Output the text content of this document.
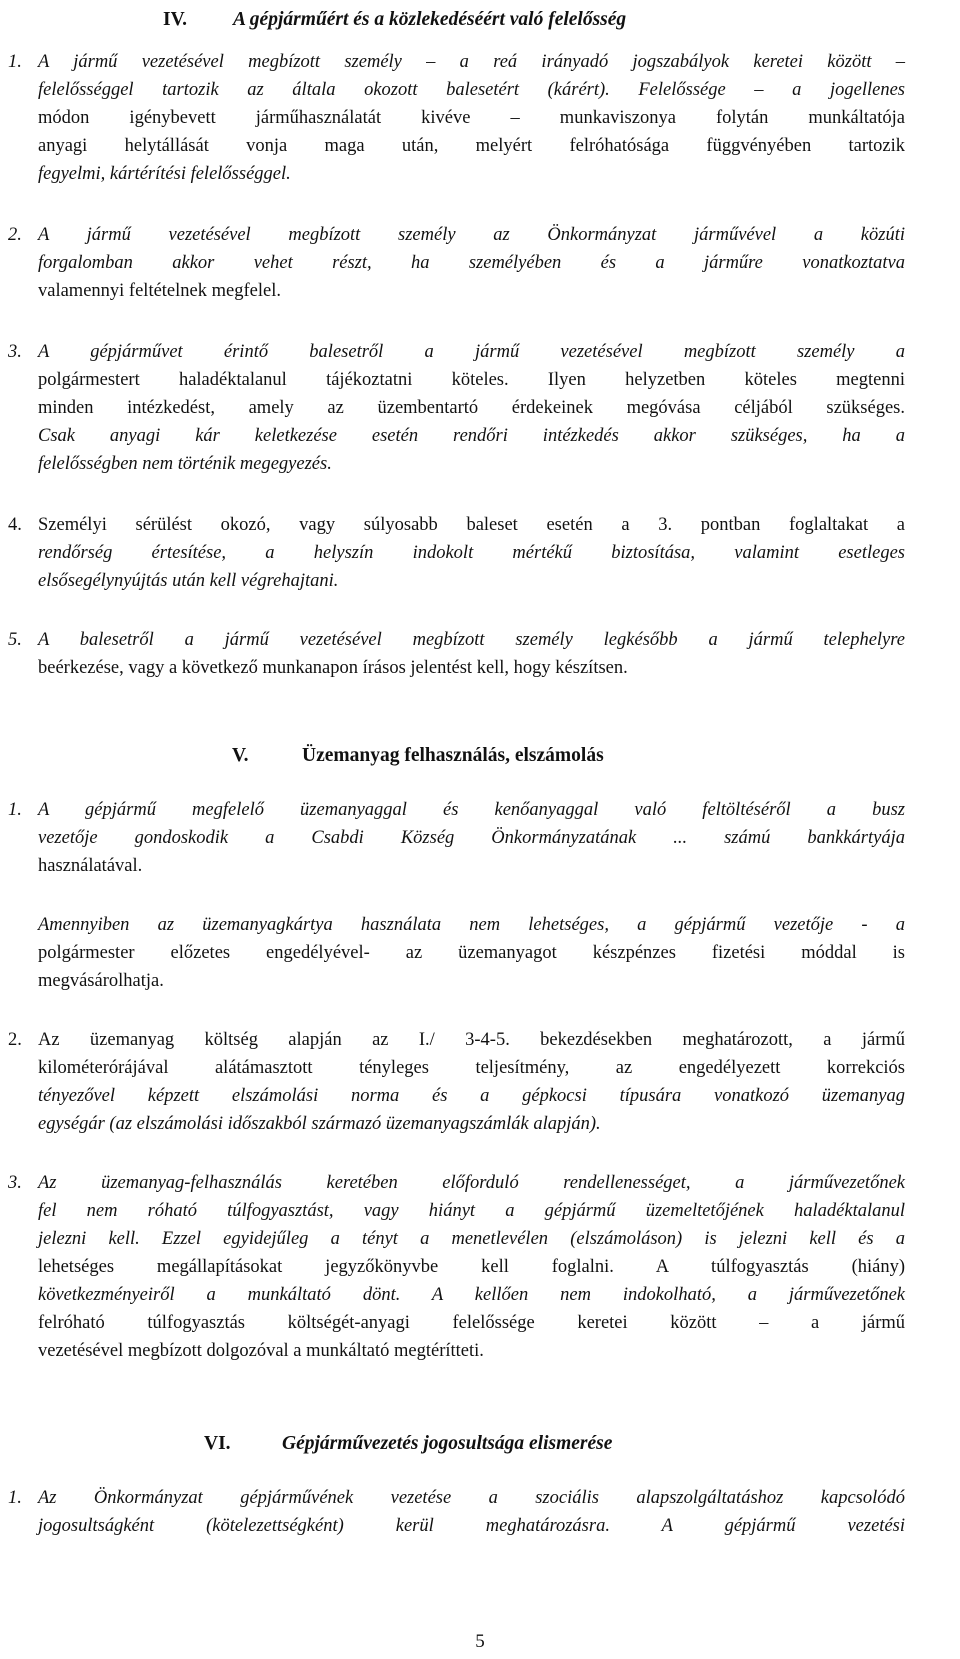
IV. A gépjárműért és a közlekedéséért való felelősség
1. A jármű vezetésével megbízott személy – a reá irányadó jogszabályok keretei között –
felelősséggel tartozik az általa okozott balesetért (kárért). Felelőssége – a jogellenes
módon igénybevett járműhasználatát kivéve – munkaviszonya folytán munkáltatója
anyagi helytállását vonja maga után, melyért felróhatósága függvényében tartozik
fegyelmi, kártérítési felelősséggel.
2. A jármű vezetésével megbízott személy az Önkormányzat járművével a közúti
forgalomban akkor vehet részt, ha személyében és a járműre vonatkoztatva
valamennyi feltételnek megfelel.
3. A gépjárművet érintő balesetről a jármű vezetésével megbízott személy a
polgármestert haladéktalanul tájékoztatni köteles. Ilyen helyzetben köteles megtenni
minden intézkedést, amely az üzembentartó érdekeinek megóvása céljából szükséges.
Csak anyagi kár keletkezése esetén rendőri intézkedés akkor szükséges, ha a
felelősségben nem történik megegyezés.
4. Személyi sérülést okozó, vagy súlyosabb baleset esetén a 3. pontban foglaltakat a
rendőrség értesítése, a helyszín indokolt mértékű biztosítása, valamint esetleges
elsősegélynyújtás után kell végrehajtani.
5. A balesetről a jármű vezetésével megbízott személy legkésőbb a jármű telephelyre
beérkezése, vagy a következő munkanapon írásos jelentést kell, hogy készítsen.
V.	Üzemanyag felhasználás, elszámolás
1. A gépjármű megfelelő üzemanyaggal és kenőanyaggal való feltöltéséről a busz
vezetője gondoskodik a Csabdi Község Önkormányzatának ... számú bankkártyája
használatával.
Amennyiben az üzemanyagkártya használata nem lehetséges, a gépjármű vezetője - a
polgármester előzetes engedélyével- az üzemanyagot készpénzes fizetési móddal is
megvásárolhatja.
2. Az üzemanyag költség alapján az I./ 3-4-5. bekezdésekben meghatározott, a jármű
kilométerórájával alátámasztott tényleges teljesítmény, az engedélyezett korrekciós
tényezővel képzett elszámolási norma és a gépkocsi típusára vonatkozó üzemanyag
egységár (az elszámolási időszakból származó üzemanyagszámlák alapján).
3. Az üzemanyag-felhasználás keretében előforduló rendellenességet, a járművezetőnek
fel nem róható túlfogyasztást, vagy hiányt a gépjármű üzemeltetőjének haladéktalanul
jelezni kell. Ezzel egyidejűleg a tényt a menetlevélen (elszámoláson) is jelezni kell és a
lehetséges megállapításokat jegyzőkönyvbe kell foglalni. A túlfogyasztás (hiány)
következményeiről a munkáltató dönt. A kellően nem indokolható, a járművezetőnek
felróható túlfogyasztás költségét-anyagi felelőssége keretei között – a jármű
vezetésével megbízott dolgozóval a munkáltató megtérítteti.
VI.	Gépjárművezetés jogosultsága elismerése
1. Az Önkormányzat gépjárművének vezetése a szociális alapszolgáltatáshoz kapcsolódó
jogosultságként (kötelezettségként) kerül meghatározásra. A gépjármű vezetési
5
